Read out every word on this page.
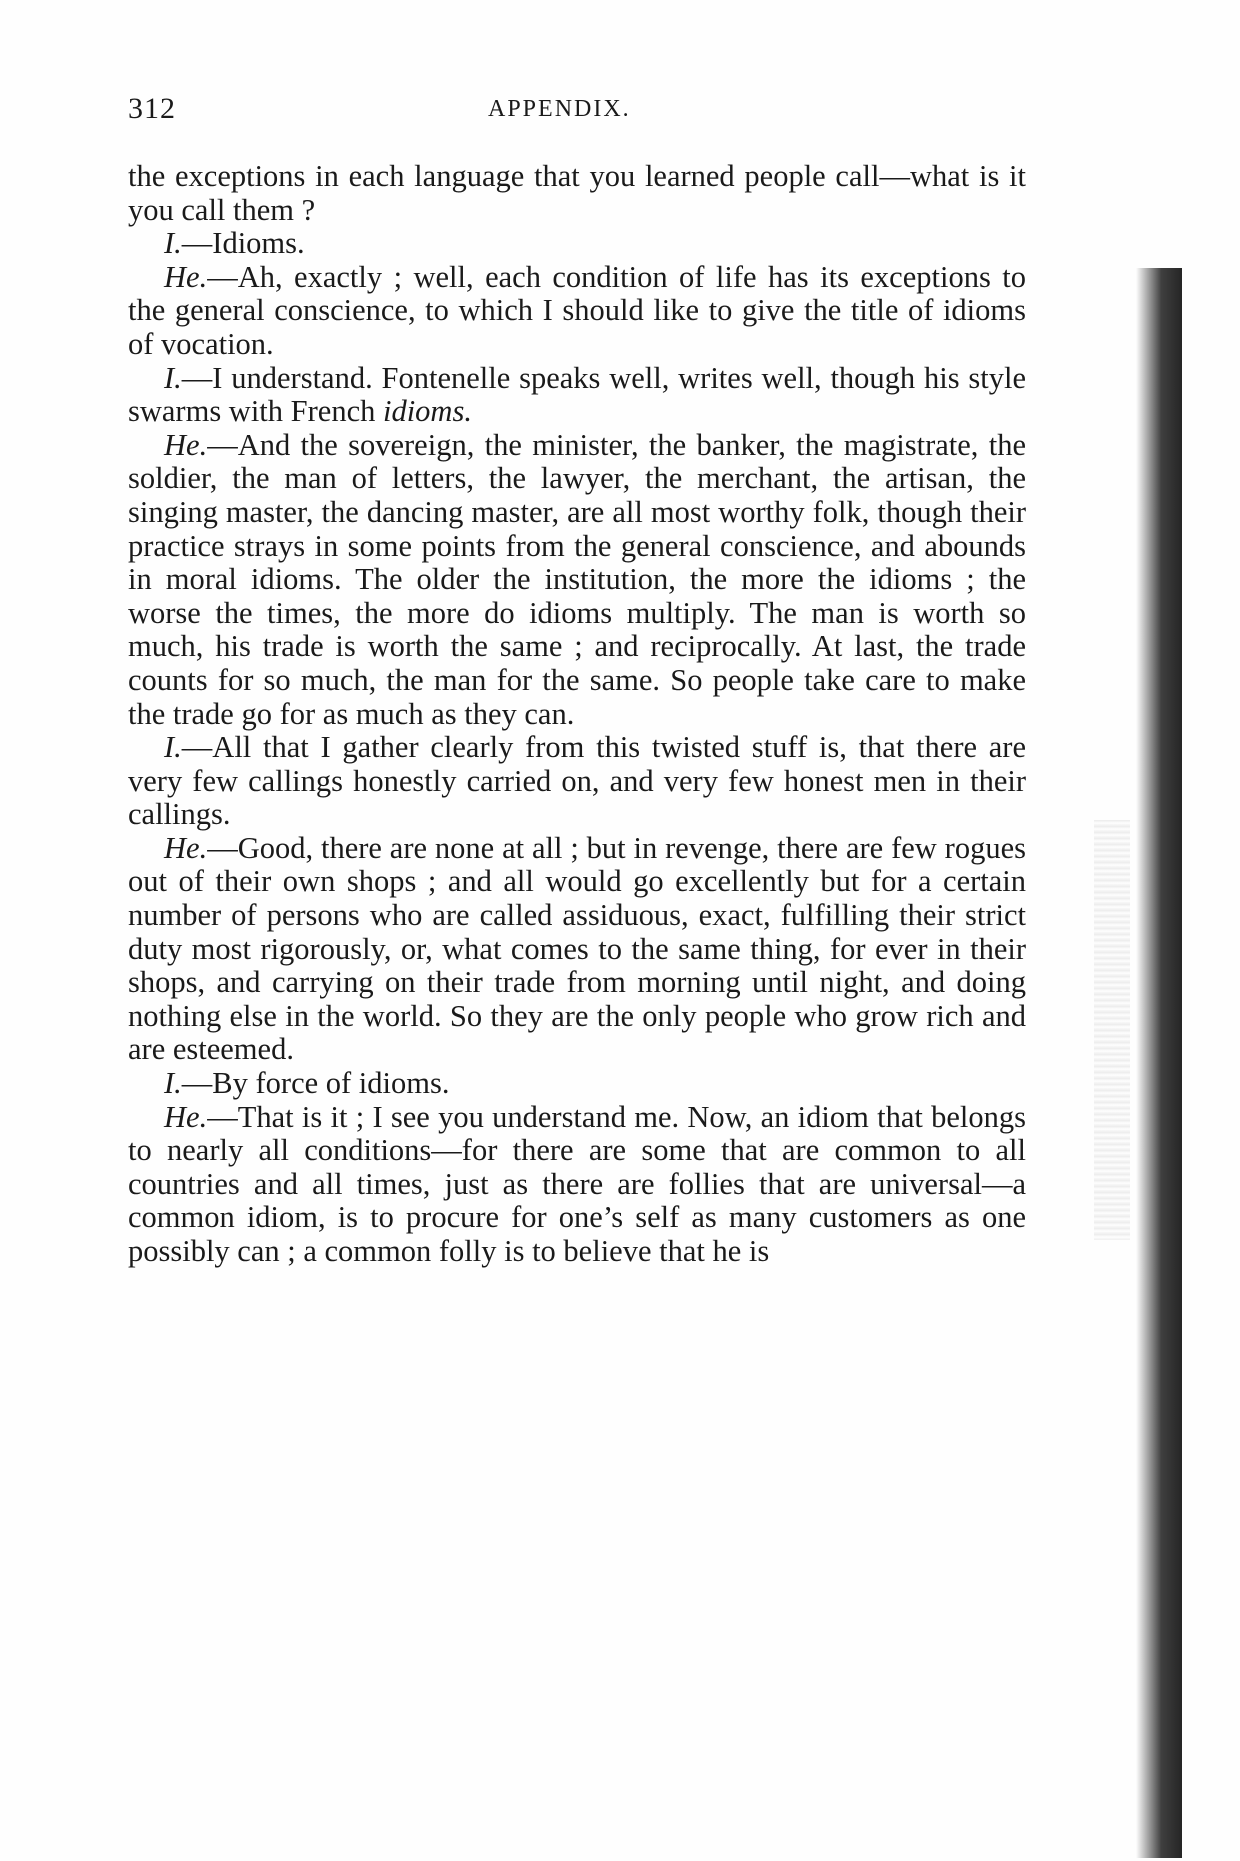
312	APPENDIX.

the exceptions in each language that you learned people call—what is it you call them ?

I.—Idioms.

He.—Ah, exactly ; well, each condition of life has its exceptions to the general conscience, to which I should like to give the title of idioms of vocation.

I.—I understand. Fontenelle speaks well, writes well, though his style swarms with French idioms.

He.—And the sovereign, the minister, the banker, the magistrate, the soldier, the man of letters, the lawyer, the merchant, the artisan, the singing master, the dancing master, are all most worthy folk, though their practice strays in some points from the general conscience, and abounds in moral idioms. The older the institution, the more the idioms ; the worse the times, the more do idioms multiply. The man is worth so much, his trade is worth the same ; and reciprocally. At last, the trade counts for so much, the man for the same. So people take care to make the trade go for as much as they can.

I.—All that I gather clearly from this twisted stuff is, that there are very few callings honestly carried on, and very few honest men in their callings.

He.—Good, there are none at all ; but in revenge, there are few rogues out of their own shops ; and all would go excellently but for a certain number of persons who are called assiduous, exact, fulfilling their strict duty most rigorously, or, what comes to the same thing, for ever in their shops, and carrying on their trade from morning until night, and doing nothing else in the world. So they are the only people who grow rich and are esteemed.

I.—By force of idioms.

He.—That is it ; I see you understand me. Now, an idiom that belongs to nearly all conditions—for there are some that are common to all countries and all times, just as there are follies that are universal—a common idiom, is to procure for one’s self as many customers as one possibly can ; a common folly is to believe that he is
